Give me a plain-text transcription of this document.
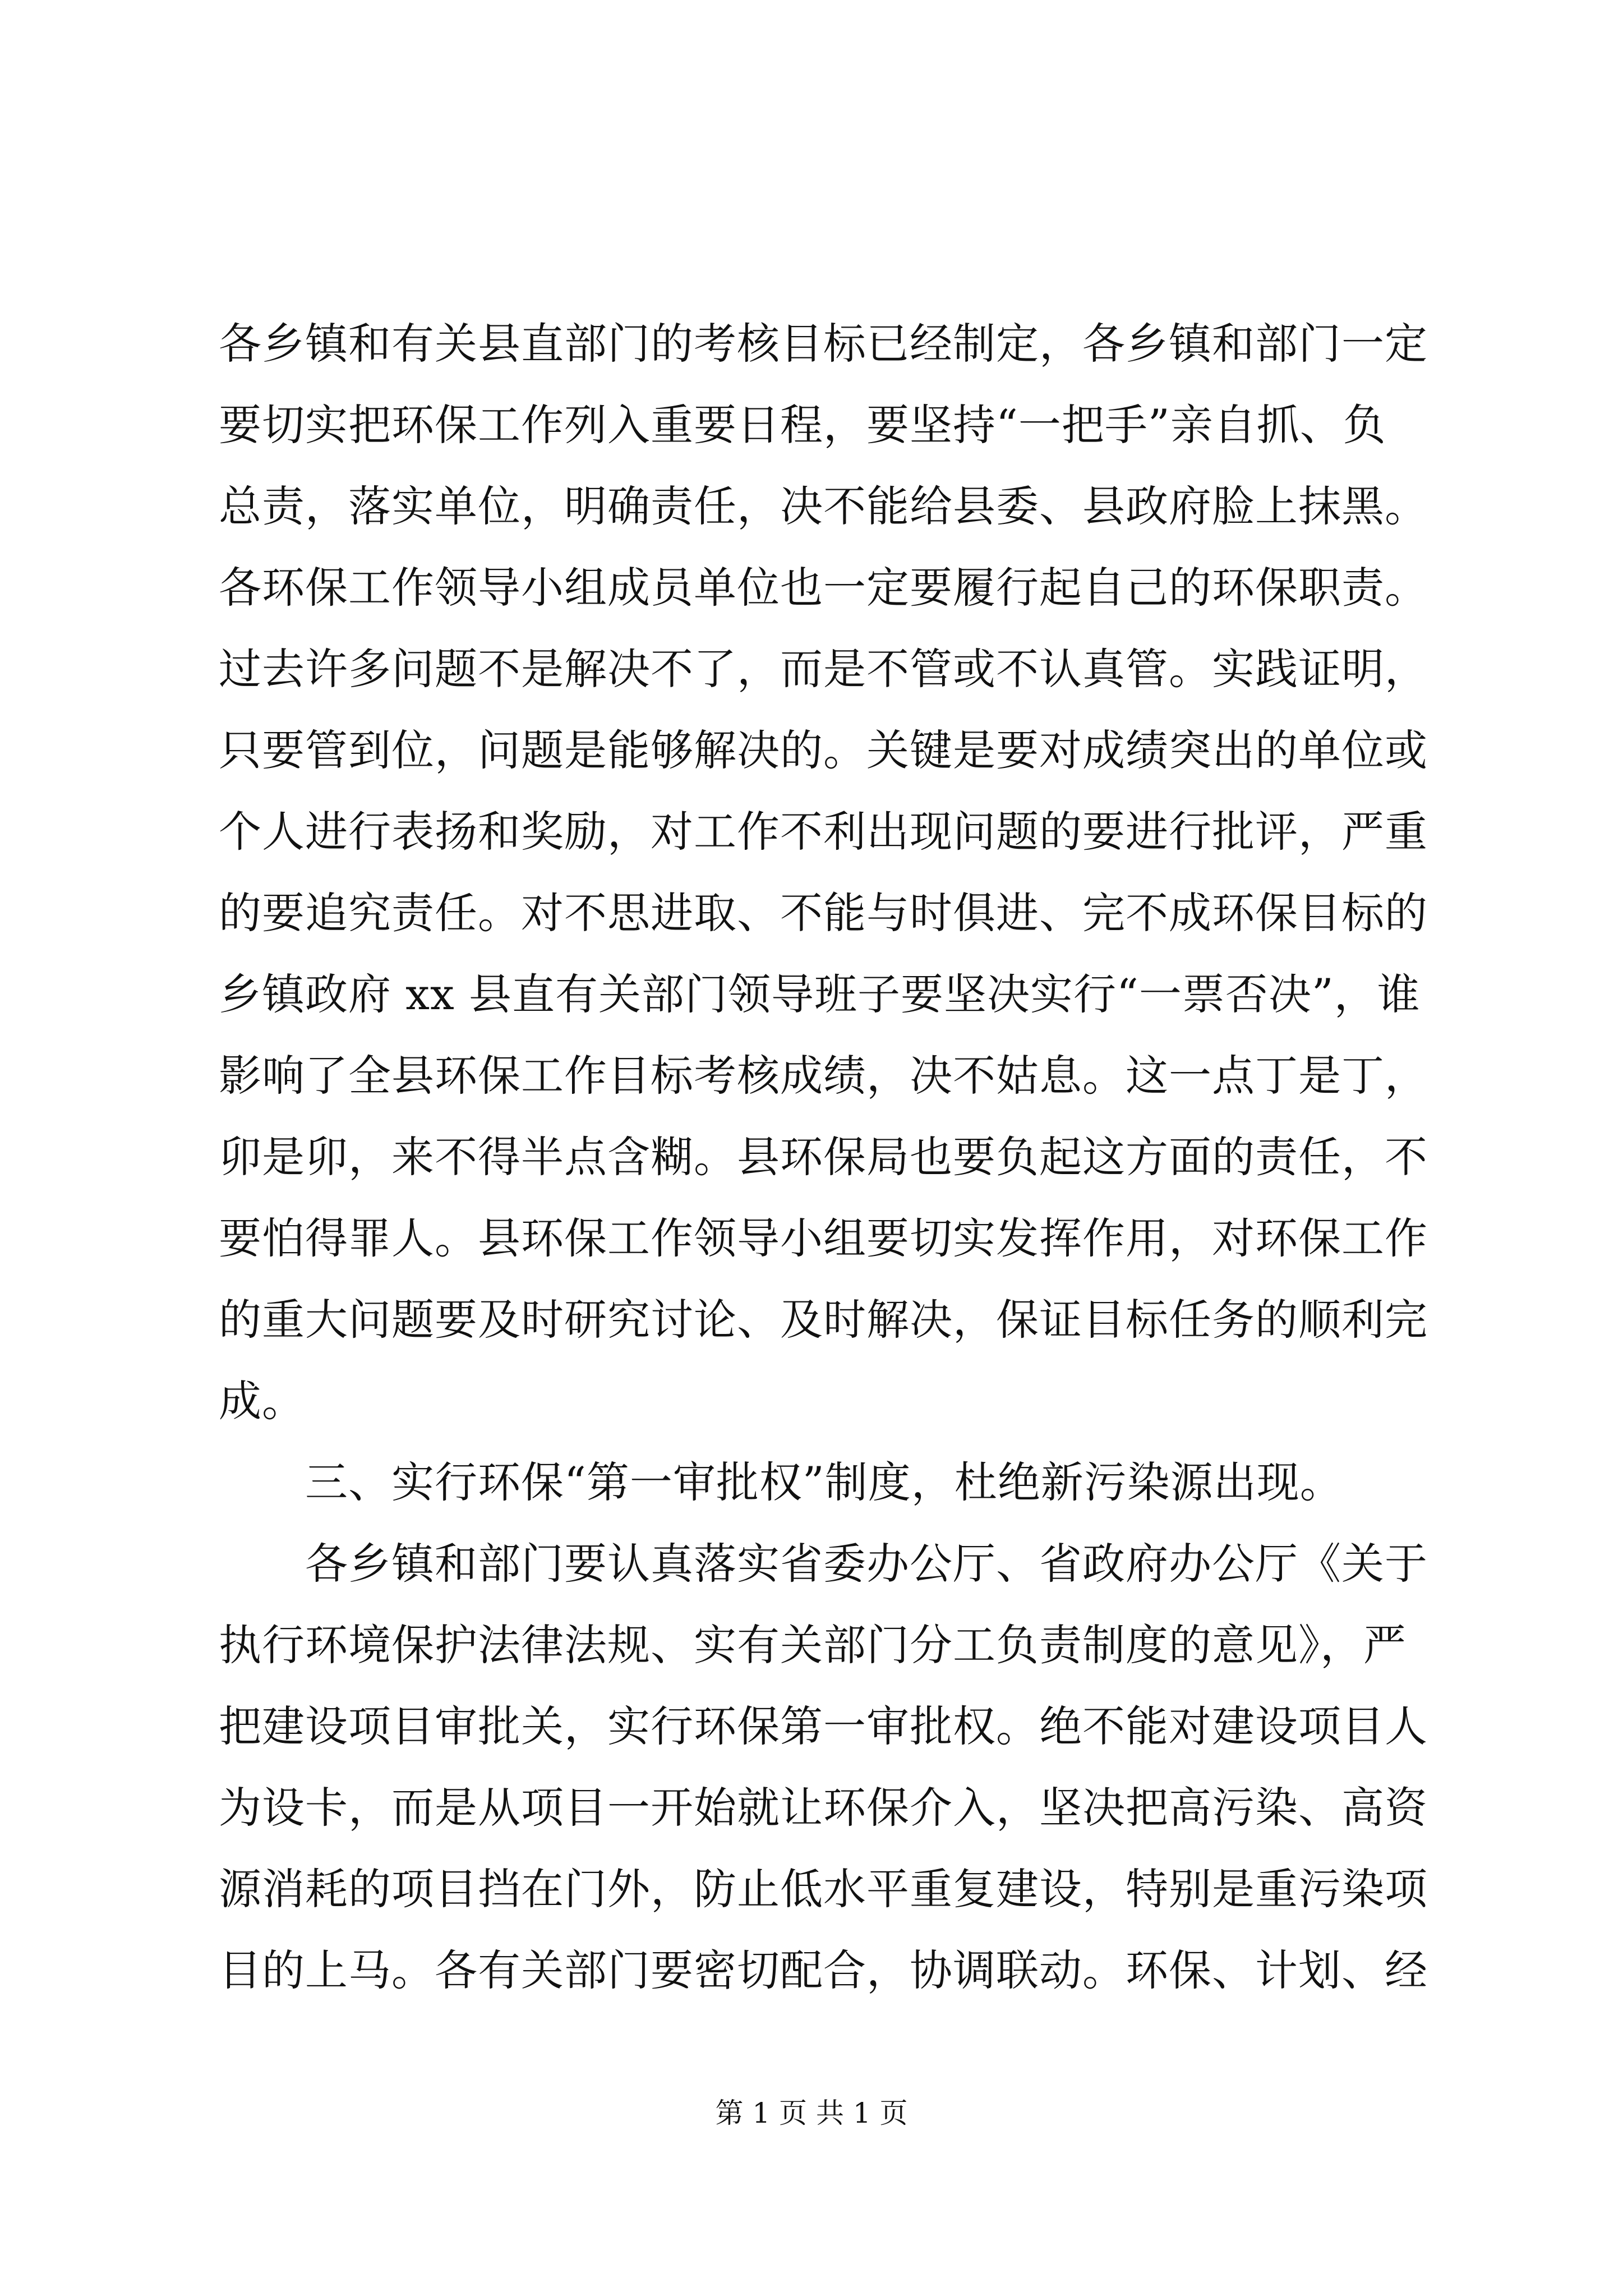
各乡镇和有关县直部门的考核目标已经制定，各乡镇和部门一定
要切实把环保工作列入重要日程，要坚持“一把手”亲自抓、负
总责，落实单位，明确责任，决不能给县委、县政府脸上抹黑。
各环保工作领导小组成员单位也一定要履行起自己的环保职责。
过去许多问题不是解决不了，而是不管或不认真管。实践证明，
只要管到位，问题是能够解决的。关键是要对成绩突出的单位或
个人进行表扬和奖励，对工作不利出现问题的要进行批评，严重
的要追究责任。对不思进取、不能与时俱进、完不成环保目标的
乡镇政府 xx 县直有关部门领导班子要坚决实行“一票否决”，谁
影响了全县环保工作目标考核成绩，决不姑息。这一点丁是丁，
卯是卯，来不得半点含糊。县环保局也要负起这方面的责任，不
要怕得罪人。县环保工作领导小组要切实发挥作用，对环保工作
的重大问题要及时研究讨论、及时解决，保证目标任务的顺利完
成。
三、实行环保“第一审批权”制度，杜绝新污染源出现。
各乡镇和部门要认真落实省委办公厅、省政府办公厅《关于
执行环境保护法律法规、实有关部门分工负责制度的意见》，严
把建设项目审批关，实行环保第一审批权。绝不能对建设项目人
为设卡，而是从项目一开始就让环保介入，坚决把高污染、高资
源消耗的项目挡在门外，防止低水平重复建设，特别是重污染项
目的上马。各有关部门要密切配合，协调联动。环保、计划、经
第 1 页 共 1 页
